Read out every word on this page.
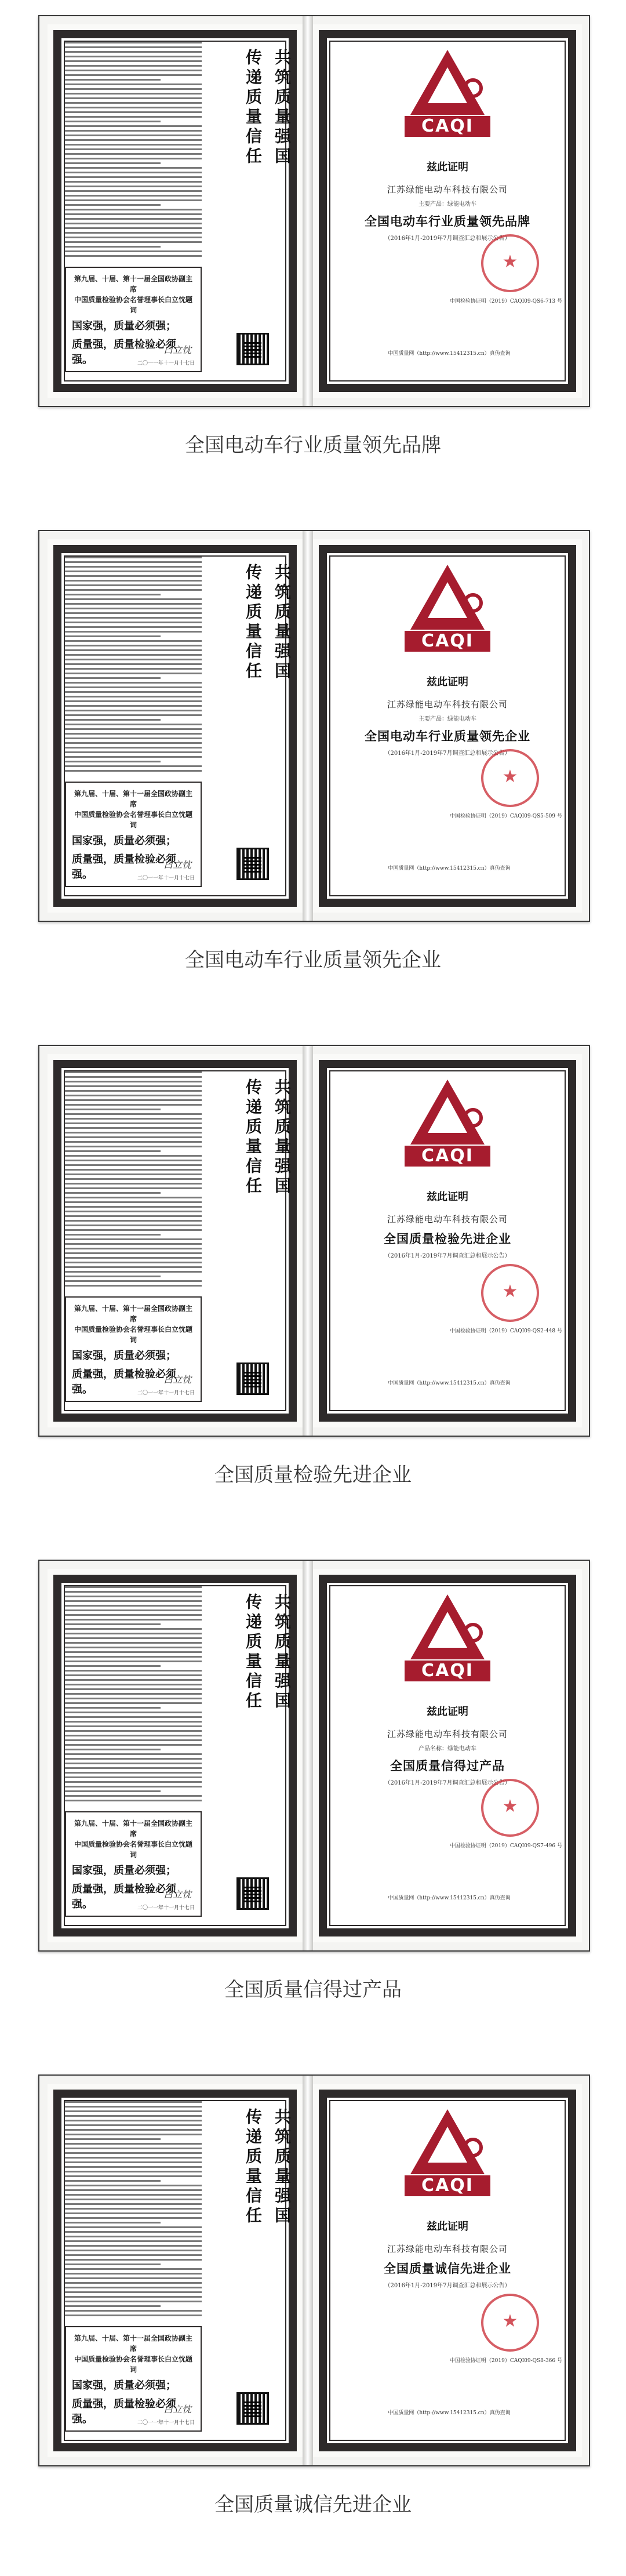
第九届、十届、第十一届全国政协副主席
中国质量检验协会名誉理事长白立忱题词
国家强，质量必须强；
质量强，质量检验必须强。
白立忱
二〇一一年十一月十七日
传递质量信任 共筑质量强国	CAQI
兹此证明
江苏绿能电动车科技有限公司
主要产品：绿能电动车
全国电动车行业质量领先品牌
（2016年1月-2019年7月调查汇总和展示公告）
★
中国检验协证明（2019）CAQI09-QS6-713 号
中国质量网（http://www.15412315.cn）真伪查询
全国电动车行业质量领先品牌
第九届、十届、第十一届全国政协副主席
中国质量检验协会名誉理事长白立忱题词
国家强，质量必须强；
质量强，质量检验必须强。
白立忱
二〇一一年十一月十七日
传递质量信任 共筑质量强国	CAQI
兹此证明
江苏绿能电动车科技有限公司
主要产品：绿能电动车
全国电动车行业质量领先企业
（2016年1月-2019年7月调查汇总和展示公告）
★
中国检验协证明（2019）CAQI09-QS5-509 号
中国质量网（http://www.15412315.cn）真伪查询
全国电动车行业质量领先企业
第九届、十届、第十一届全国政协副主席
中国质量检验协会名誉理事长白立忱题词
国家强，质量必须强；
质量强，质量检验必须强。
白立忱
二〇一一年十一月十七日
传递质量信任 共筑质量强国	CAQI
兹此证明
江苏绿能电动车科技有限公司
全国质量检验先进企业
（2016年1月-2019年7月调查汇总和展示公告）
★
中国检验协证明（2019）CAQI09-QS2-448 号
中国质量网（http://www.15412315.cn）真伪查询
全国质量检验先进企业
第九届、十届、第十一届全国政协副主席
中国质量检验协会名誉理事长白立忱题词
国家强，质量必须强；
质量强，质量检验必须强。
白立忱
二〇一一年十一月十七日
传递质量信任 共筑质量强国	CAQI
兹此证明
江苏绿能电动车科技有限公司
产品名称：绿能电动车
全国质量信得过产品
（2016年1月-2019年7月调查汇总和展示公告）
★
中国检验协证明（2019）CAQI09-QS7-496 号
中国质量网（http://www.15412315.cn）真伪查询
全国质量信得过产品
第九届、十届、第十一届全国政协副主席
中国质量检验协会名誉理事长白立忱题词
国家强，质量必须强；
质量强，质量检验必须强。
白立忱
二〇一一年十一月十七日
传递质量信任 共筑质量强国	CAQI
兹此证明
江苏绿能电动车科技有限公司
全国质量诚信先进企业
（2016年1月-2019年7月调查汇总和展示公告）
★
中国检验协证明（2019）CAQI09-QS8-366 号
中国质量网（http://www.15412315.cn）真伪查询
全国质量诚信先进企业
